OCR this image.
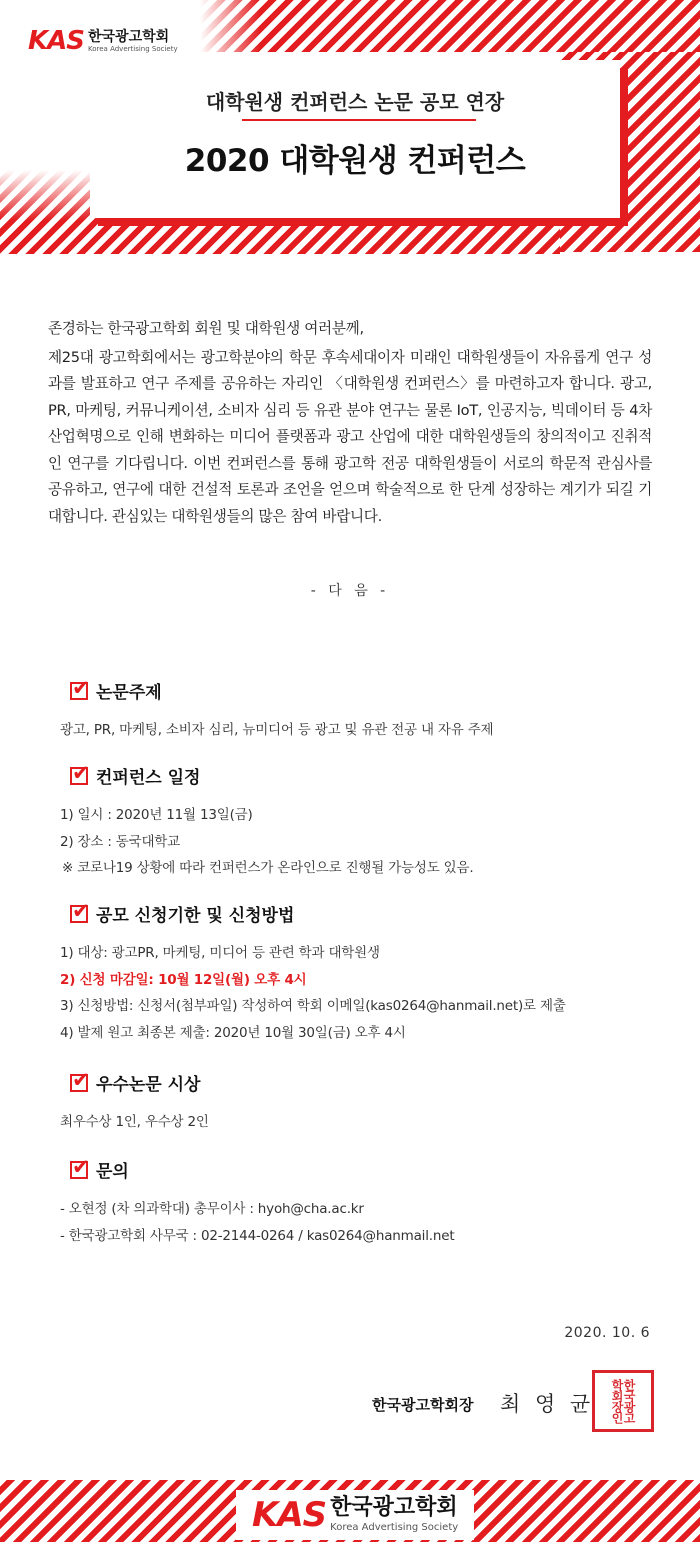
KAS 한국광고학회
Korea Advertising Society
대학원생 컨퍼런스 논문 공모 연장
2020 대학원생 컨퍼런스

존경하는 한국광고학회 회원 및 대학원생 여러분께,

제25대 광고학회에서는 광고학분야의 학문 후속세대이자 미래인 대학원생들이 자유롭게 연구 성과를 발표하고 연구 주제를 공유하는 자리인 〈대학원생 컨퍼런스〉를 마련하고자 합니다. 광고, PR, 마케팅, 커뮤니케이션, 소비자 심리 등 유관 분야 연구는 물론 IoT, 인공지능, 빅데이터 등 4차 산업혁명으로 인해 변화하는 미디어 플랫폼과 광고 산업에 대한 대학원생들의 창의적이고 진취적인 연구를 기다립니다. 이번 컨퍼런스를 통해 광고학 전공 대학원생들이 서로의 학문적 관심사를 공유하고, 연구에 대한 건설적 토론과 조언을 얻으며 학술적으로 한 단계 성장하는 계기가 되길 기대합니다. 관심있는 대학원생들의 많은 참여 바랍니다.

- 다 음 -
✔
논문주제
광고, PR, 마케팅, 소비자 심리, 뉴미디어 등 광고 및 유관 전공 내 자유 주제
✔
컨퍼런스 일정
1) 일시 : 2020년 11월 13일(금)
2) 장소 : 동국대학교
※ 코로나19 상황에 따라 컨퍼런스가 온라인으로 진행될 가능성도 있음.
✔
공모 신청기한 및 신청방법
1) 대상: 광고PR, 마케팅, 미디어 등 관련 학과 대학원생
2) 신청 마감일: 10월 12일(월) 오후 4시
3) 신청방법: 신청서(첨부파일) 작성하여 학회 이메일(kas0264@hanmail.net)로 제출
4) 발제 원고 최종본 제출: 2020년 10월 30일(금) 오후 4시
✔
우수논문 시상
최우수상 1인, 우수상 2인
✔
문의
- 오현정 (차 의과학대) 총무이사 : hyoh@cha.ac.kr
- 한국광고학회 사무국 : 02-2144-0264 / kas0264@hanmail.net
2020. 10. 6
한국광고학회장 최 영 균	한국광고학회장인
KAS 한국광고학회
Korea Advertising Society
